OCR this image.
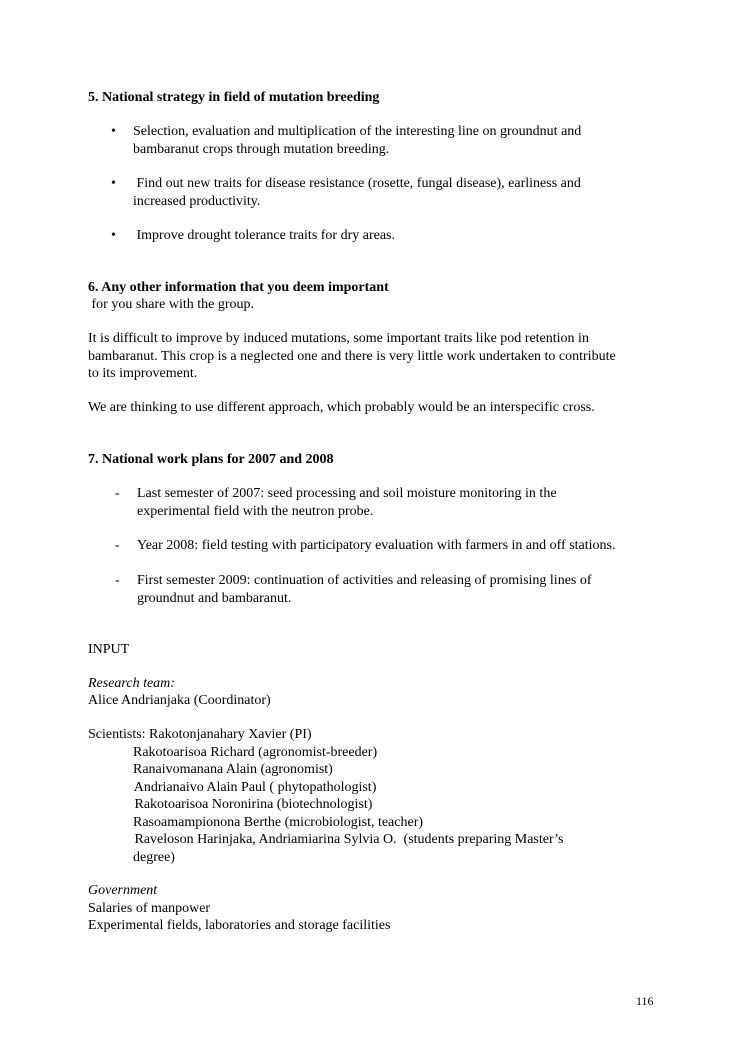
5. National strategy in field of mutation breeding
•	Selection, evaluation and multiplication of the interesting line on groundnut and
bambaranut crops through mutation breeding.
•	Find out new traits for disease resistance (rosette, fungal disease), earliness and
increased productivity.
•	Improve drought tolerance traits for dry areas.
6. Any other information that you deem important
for you share with the group.
It is difficult to improve by induced mutations, some important traits like pod retention in
bambaranut. This crop is a neglected one and there is very little work undertaken to contribute
to its improvement.
We are thinking to use different approach, which probably would be an interspecific cross.
7. National work plans for 2007 and 2008
-	Last semester of 2007: seed processing and soil moisture monitoring in the
experimental field with the neutron probe.
-	Year 2008: field testing with participatory evaluation with farmers in and off stations.
-	First semester 2009: continuation of activities and releasing of promising lines of
groundnut and bambaranut.
INPUT
Research team:
Alice Andrianjaka (Coordinator)
Scientists: Rakotonjanahary Xavier (PI)
Rakotoarisoa Richard (agronomist-breeder)
Ranaivomanana Alain (agronomist)
Andrianaivo Alain Paul ( phytopathologist)
Rakotoarisoa Noronirina (biotechnologist)
Rasoamampionona Berthe (microbiologist, teacher)
Raveloson Harinjaka, Andriamiarina Sylvia O.  (students preparing Master’s
degree)
Government
Salaries of manpower
Experimental fields, laboratories and storage facilities
116
